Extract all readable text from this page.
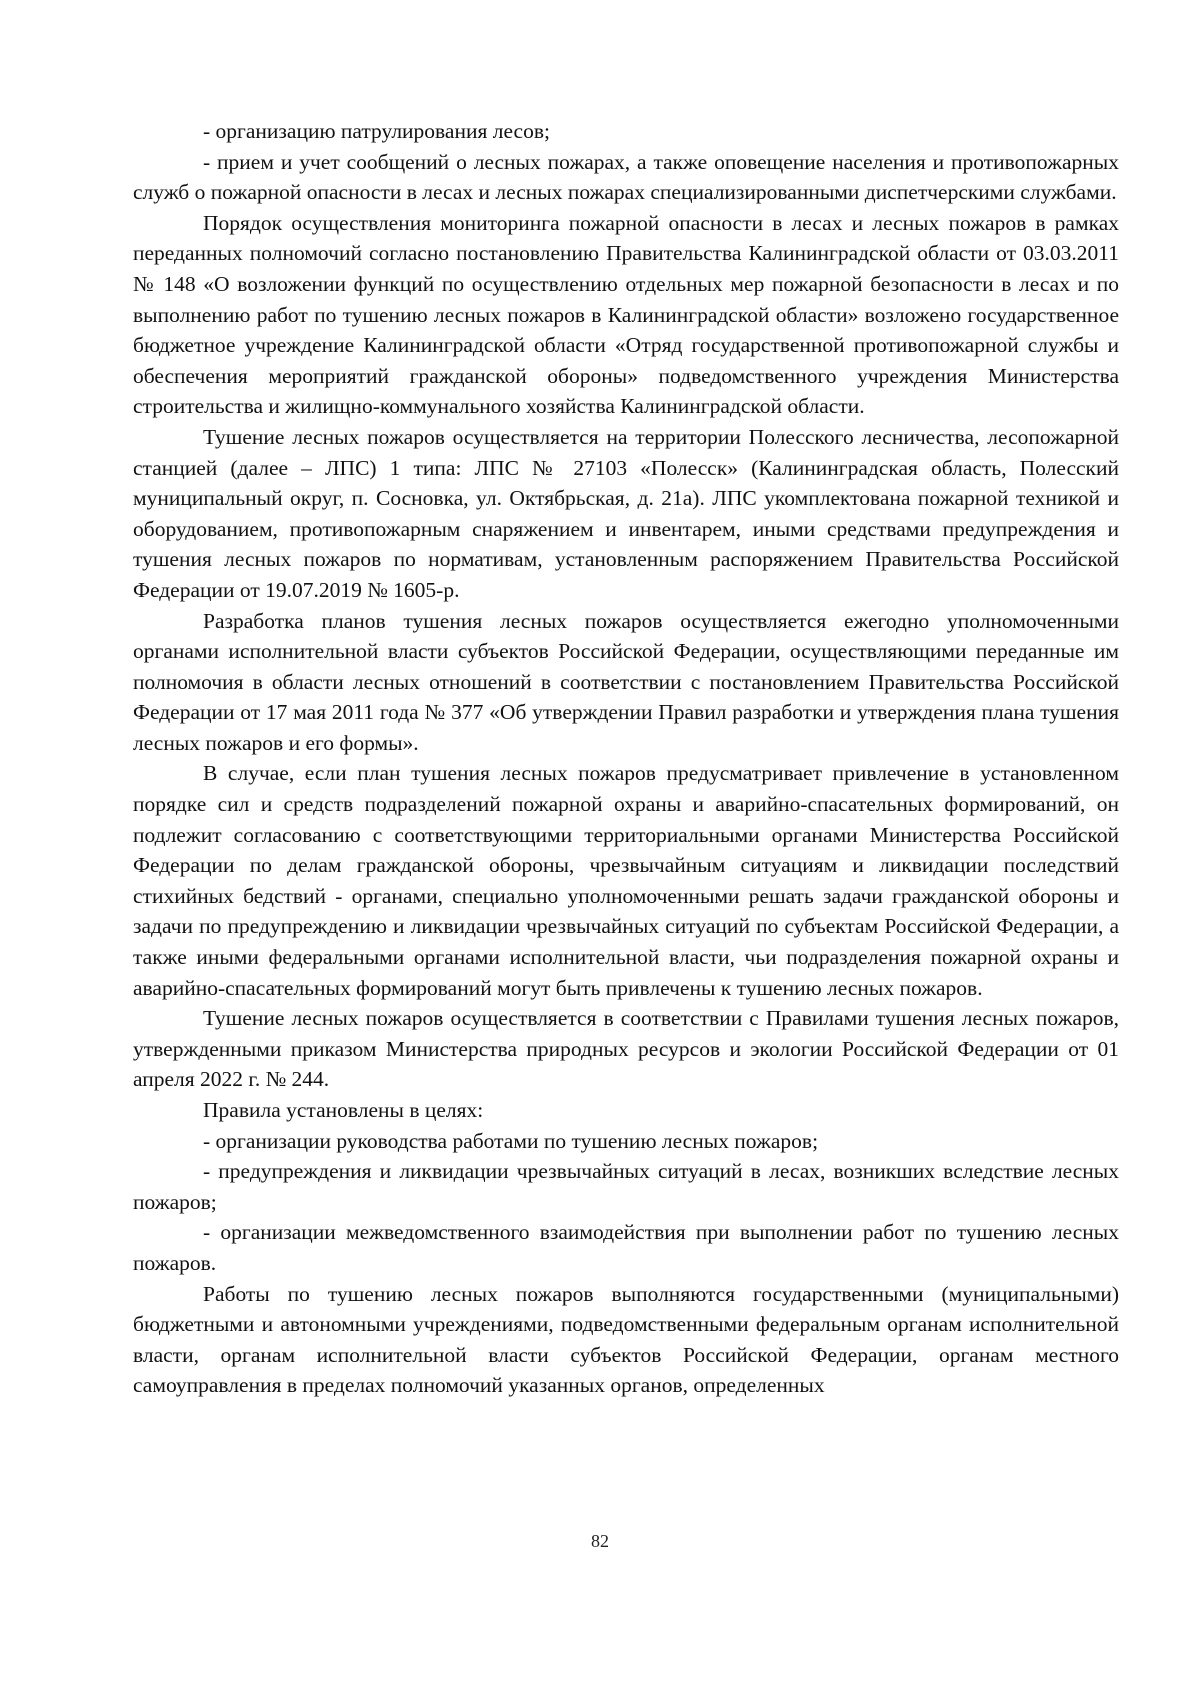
- организацию патрулирования лесов;

- прием и учет сообщений о лесных пожарах, а также оповещение населения и противопожарных служб о пожарной опасности в лесах и лесных пожарах специализированными диспетчерскими службами.

Порядок осуществления мониторинга пожарной опасности в лесах и лесных пожаров в рамках переданных полномочий согласно постановлению Правительства Калининградской области от 03.03.2011 № 148 «О возложении функций по осуществлению отдельных мер пожарной безопасности в лесах и по выполнению работ по тушению лесных пожаров в Калининградской области» возложено государственное бюджетное учреждение Калининградской области «Отряд государственной противопожарной службы и обеспечения мероприятий гражданской обороны» подведомственного учреждения Министерства строительства и жилищно-коммунального хозяйства Калининградской области.

Тушение лесных пожаров осуществляется на территории Полесского лесничества, лесопожарной станцией (далее – ЛПС) 1 типа: ЛПС № 27103 «Полесск» (Калининградская область, Полесский муниципальный округ, п. Сосновка, ул. Октябрьская, д. 21а). ЛПС укомплектована пожарной техникой и оборудованием, противопожарным снаряжением и инвентарем, иными средствами предупреждения и тушения лесных пожаров по нормативам, установленным распоряжением Правительства Российской Федерации от 19.07.2019 № 1605-р.

Разработка планов тушения лесных пожаров осуществляется ежегодно уполномоченными органами исполнительной власти субъектов Российской Федерации, осуществляющими переданные им полномочия в области лесных отношений в соответствии с постановлением Правительства Российской Федерации от 17 мая 2011 года № 377 «Об утверждении Правил разработки и утверждения плана тушения лесных пожаров и его формы».

В случае, если план тушения лесных пожаров предусматривает привлечение в установленном порядке сил и средств подразделений пожарной охраны и аварийно-спасательных формирований, он подлежит согласованию с соответствующими территориальными органами Министерства Российской Федерации по делам гражданской обороны, чрезвычайным ситуациям и ликвидации последствий стихийных бедствий - органами, специально уполномоченными решать задачи гражданской обороны и задачи по предупреждению и ликвидации чрезвычайных ситуаций по субъектам Российской Федерации, а также иными федеральными органами исполнительной власти, чьи подразделения пожарной охраны и аварийно-спасательных формирований могут быть привлечены к тушению лесных пожаров.

Тушение лесных пожаров осуществляется в соответствии с Правилами тушения лесных пожаров, утвержденными приказом Министерства природных ресурсов и экологии Российской Федерации от 01 апреля 2022 г. № 244.

Правила установлены в целях:

- организации руководства работами по тушению лесных пожаров;

- предупреждения и ликвидации чрезвычайных ситуаций в лесах, возникших вследствие лесных пожаров;

- организации межведомственного взаимодействия при выполнении работ по тушению лесных пожаров.

Работы по тушению лесных пожаров выполняются государственными (муниципальными) бюджетными и автономными учреждениями, подведомственными федеральным органам исполнительной власти, органам исполнительной власти субъектов Российской Федерации, органам местного самоуправления в пределах полномочий указанных органов, определенных

82
